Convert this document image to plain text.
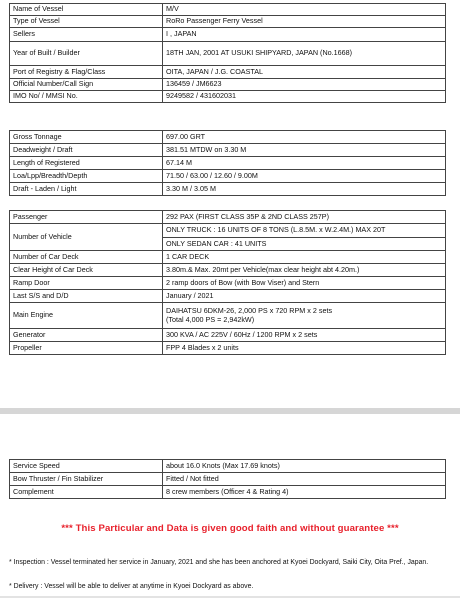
Name of Vessel	M/V
Type of Vessel	RoRo Passenger Ferry Vessel
Sellers	I , JAPAN
Year of Built / Builder	18TH JAN, 2001 AT USUKI SHIPYARD, JAPAN (No.1668)
Port of Registry & Flag/Class	OITA, JAPAN / J.G. COASTAL
Official Number/Call Sign	136459 / JM6623
IMO No/ / MMSI No.	9249582 / 431602031
Gross Tonnage	697.00 GRT
Deadweight / Draft	381.51 MTDW on 3.30 M
Length of Registered	67.14 M
Loa/Lpp/Breadth/Depth	71.50 / 63.00 / 12.60 / 9.00M
Draft - Laden / Light	3.30 M / 3.05 M
Passenger	292 PAX (FIRST CLASS 35P & 2ND CLASS 257P)
Number of Vehicle	ONLY TRUCK : 16 UNITS OF 8 TONS (L.8.5M. x W.2.4M.) MAX 20T
	ONLY SEDAN CAR : 41 UNITS
Number of Car Deck	1 CAR DECK
Clear Height of Car Deck	3.80m.& Max. 20mt per Vehicle(max clear height abt 4.20m.)
Ramp Door	2 ramp doors of Bow (with Bow Viser) and Stern
Last S/S and D/D	January / 2021
Main Engine	DAIHATSU 6DKM-26, 2,000 PS x 720 RPM x 2 sets
(Total 4,000 PS = 2,942kW)

Generator	300 KVA / AC 225V / 60Hz / 1200 RPM x 2 sets
Propeller	FPP 4 Blades x 2 units
Service Speed	about 16.0 Knots (Max 17.69 knots)
Bow Thruster / Fin Stabilizer	Fitted / Not fitted
Complement	8 crew members (Officer 4 & Rating 4)
*** This Particular and Data is given good faith and without guarantee ***
* Inspection : Vessel terminated her service in January, 2021 and she has been anchored at Kyoei Dockyard, Saiki City, Oita Pref., Japan.
* Delivery : Vessel will be able to deliver at anytime in Kyoei Dockyard as above.
